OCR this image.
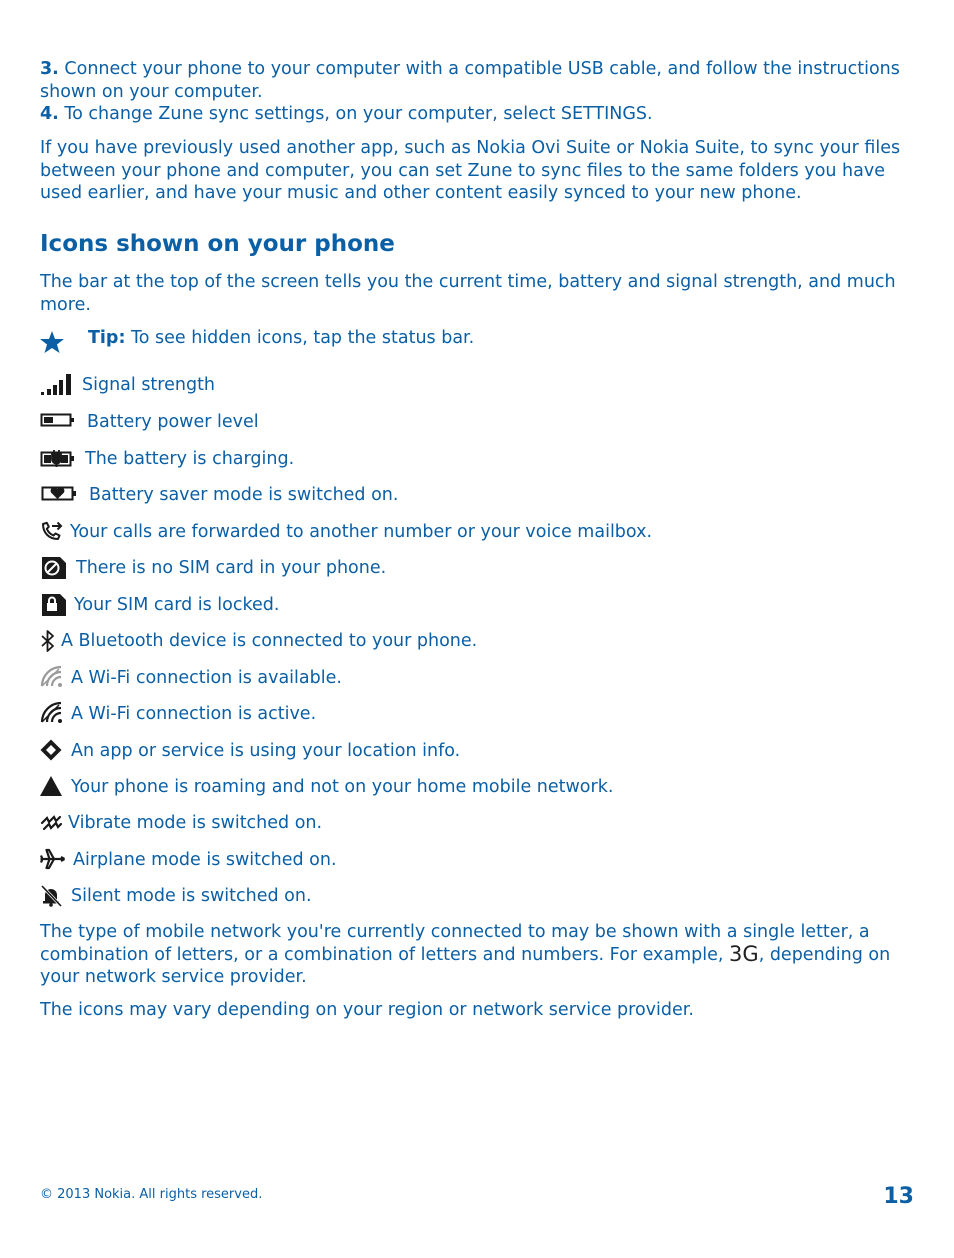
3. Connect your phone to your computer with a compatible USB cable, and follow the instructions shown on your computer.

4. To change Zune sync settings, on your computer, select SETTINGS.

If you have previously used another app, such as Nokia Ovi Suite or Nokia Suite, to sync your files between your phone and computer, you can set Zune to sync files to the same folders you have used earlier, and have your music and other content easily synced to your new phone.

Icons shown on your phone

The bar at the top of the screen tells you the current time, battery and signal strength, and much more.

Tip: To see hidden icons, tap the status bar.
Signal strength
Battery power level
The battery is charging.
Battery saver mode is switched on.
Your calls are forwarded to another number or your voice mailbox.
There is no SIM card in your phone.
Your SIM card is locked.
A Bluetooth device is connected to your phone.
A Wi-Fi connection is available.
A Wi-Fi connection is active.
An app or service is using your location info.
Your phone is roaming and not on your home mobile network.
Vibrate mode is switched on.
Airplane mode is switched on.
Silent mode is switched on.

The type of mobile network you're currently connected to may be shown with a single letter, a combination of letters, or a combination of letters and numbers. For example, 3G, depending on your network service provider.

The icons may vary depending on your region or network service provider.

© 2013 Nokia. All rights reserved.	13
